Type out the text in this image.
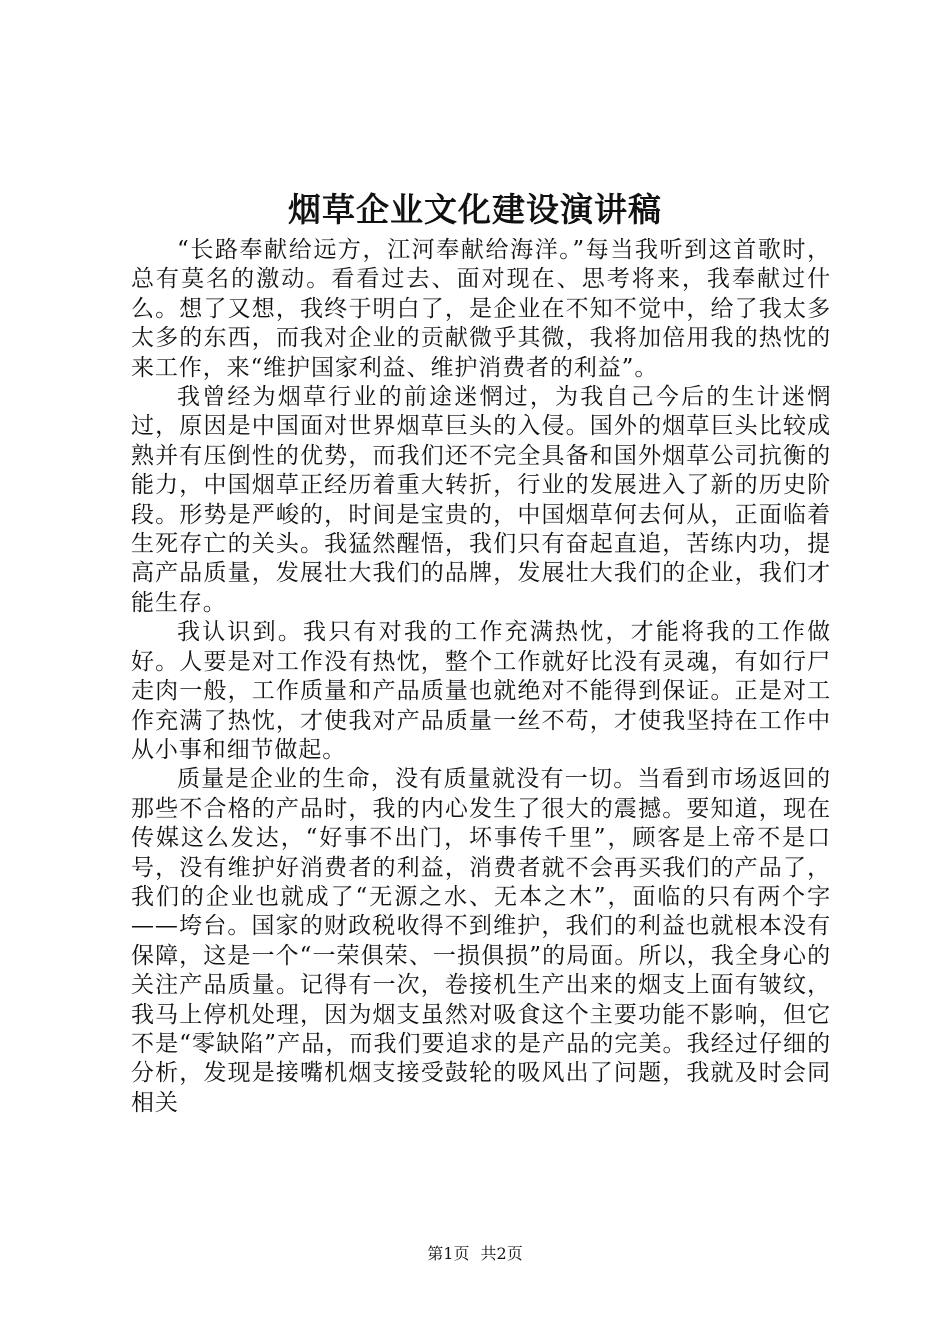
烟草企业文化建设演讲稿

“长路奉献给远方，江河奉献给海洋。”每当我听到这首歌时，总有莫名的激动。看看过去、面对现在、思考将来，我奉献过什么。想了又想，我终于明白了，是企业在不知不觉中，给了我太多太多的东西，而我对企业的贡献微乎其微，我将加倍用我的热忱的来工作，来“维护国家利益、维护消费者的利益”。

我曾经为烟草行业的前途迷惘过，为我自己今后的生计迷惘过，原因是中国面对世界烟草巨头的入侵。国外的烟草巨头比较成熟并有压倒性的优势，而我们还不完全具备和国外烟草公司抗衡的能力，中国烟草正经历着重大转折，行业的发展进入了新的历史阶段。形势是严峻的，时间是宝贵的，中国烟草何去何从，正面临着生死存亡的关头。我猛然醒悟，我们只有奋起直追，苦练内功，提高产品质量，发展壮大我们的品牌，发展壮大我们的企业，我们才能生存。

我认识到。我只有对我的工作充满热忱，才能将我的工作做好。人要是对工作没有热忱，整个工作就好比没有灵魂，有如行尸走肉一般，工作质量和产品质量也就绝对不能得到保证。正是对工作充满了热忱，才使我对产品质量一丝不苟，才使我坚持在工作中从小事和细节做起。

质量是企业的生命，没有质量就没有一切。当看到市场返回的那些不合格的产品时，我的内心发生了很大的震撼。要知道，现在传媒这么发达，“好事不出门，坏事传千里”，顾客是上帝不是口号，没有维护好消费者的利益，消费者就不会再买我们的产品了，我们的企业也就成了“无源之水、无本之木”，面临的只有两个字——垮台。国家的财政税收得不到维护，我们的利益也就根本没有保障，这是一个“一荣俱荣、一损俱损”的局面。所以，我全身心的关注产品质量。记得有一次，卷接机生产出来的烟支上面有皱纹，我马上停机处理，因为烟支虽然对吸食这个主要功能不影响，但它不是“零缺陷”产品，而我们要追求的是产品的完美。我经过仔细的分析，发现是接嘴机烟支接受鼓轮的吸风出了问题，我就及时会同相关

第1页 共2页
